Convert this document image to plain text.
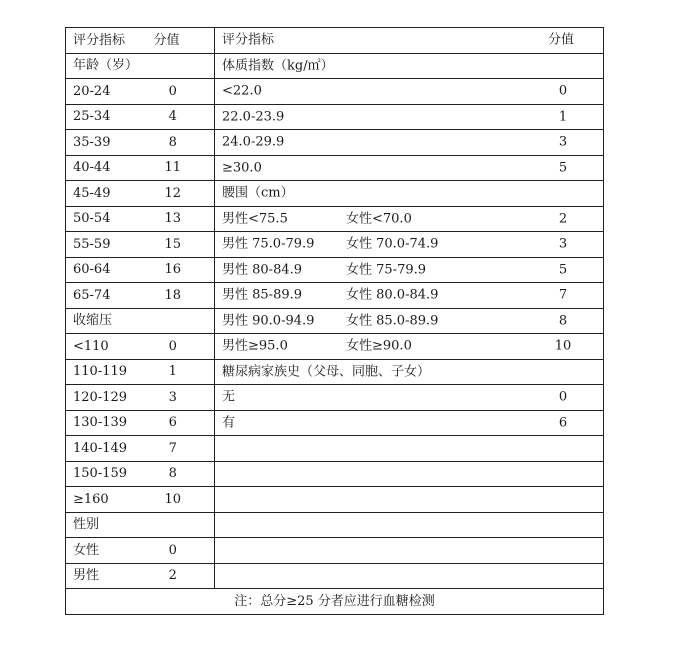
评分指标	分值	评分指标 分值

年龄（岁）		体质指数（kg/㎡）

20-24	0	<22.0 0

25-34	4	22.0-23.9 1

35-39	8	24.0-29.9 3

40-44	11	≥30.0 5

45-49	12	腰围（cm）

50-54	13	男性<75.5 女性<70.0 2

55-59	15	男性 75.0-79.9 女性 70.0-74.9 3

60-64	16	男性 80-84.9 女性 75-79.9 5

65-74	18	男性 85-89.9 女性 80.0-84.9 7

收缩压		男性 90.0-94.9 女性 85.0-89.9 8

<110	0	男性≥95.0 女性≥90.0 10

110-119	1	糖尿病家族史（父母、同胞、子女）

120-129	3	无 0

130-139	6	有 6

140-149	7	

150-159	8	

≥160	10	

性别		

女性	0	

男性	2	

注：总分≥25 分者应进行血糖检测		
